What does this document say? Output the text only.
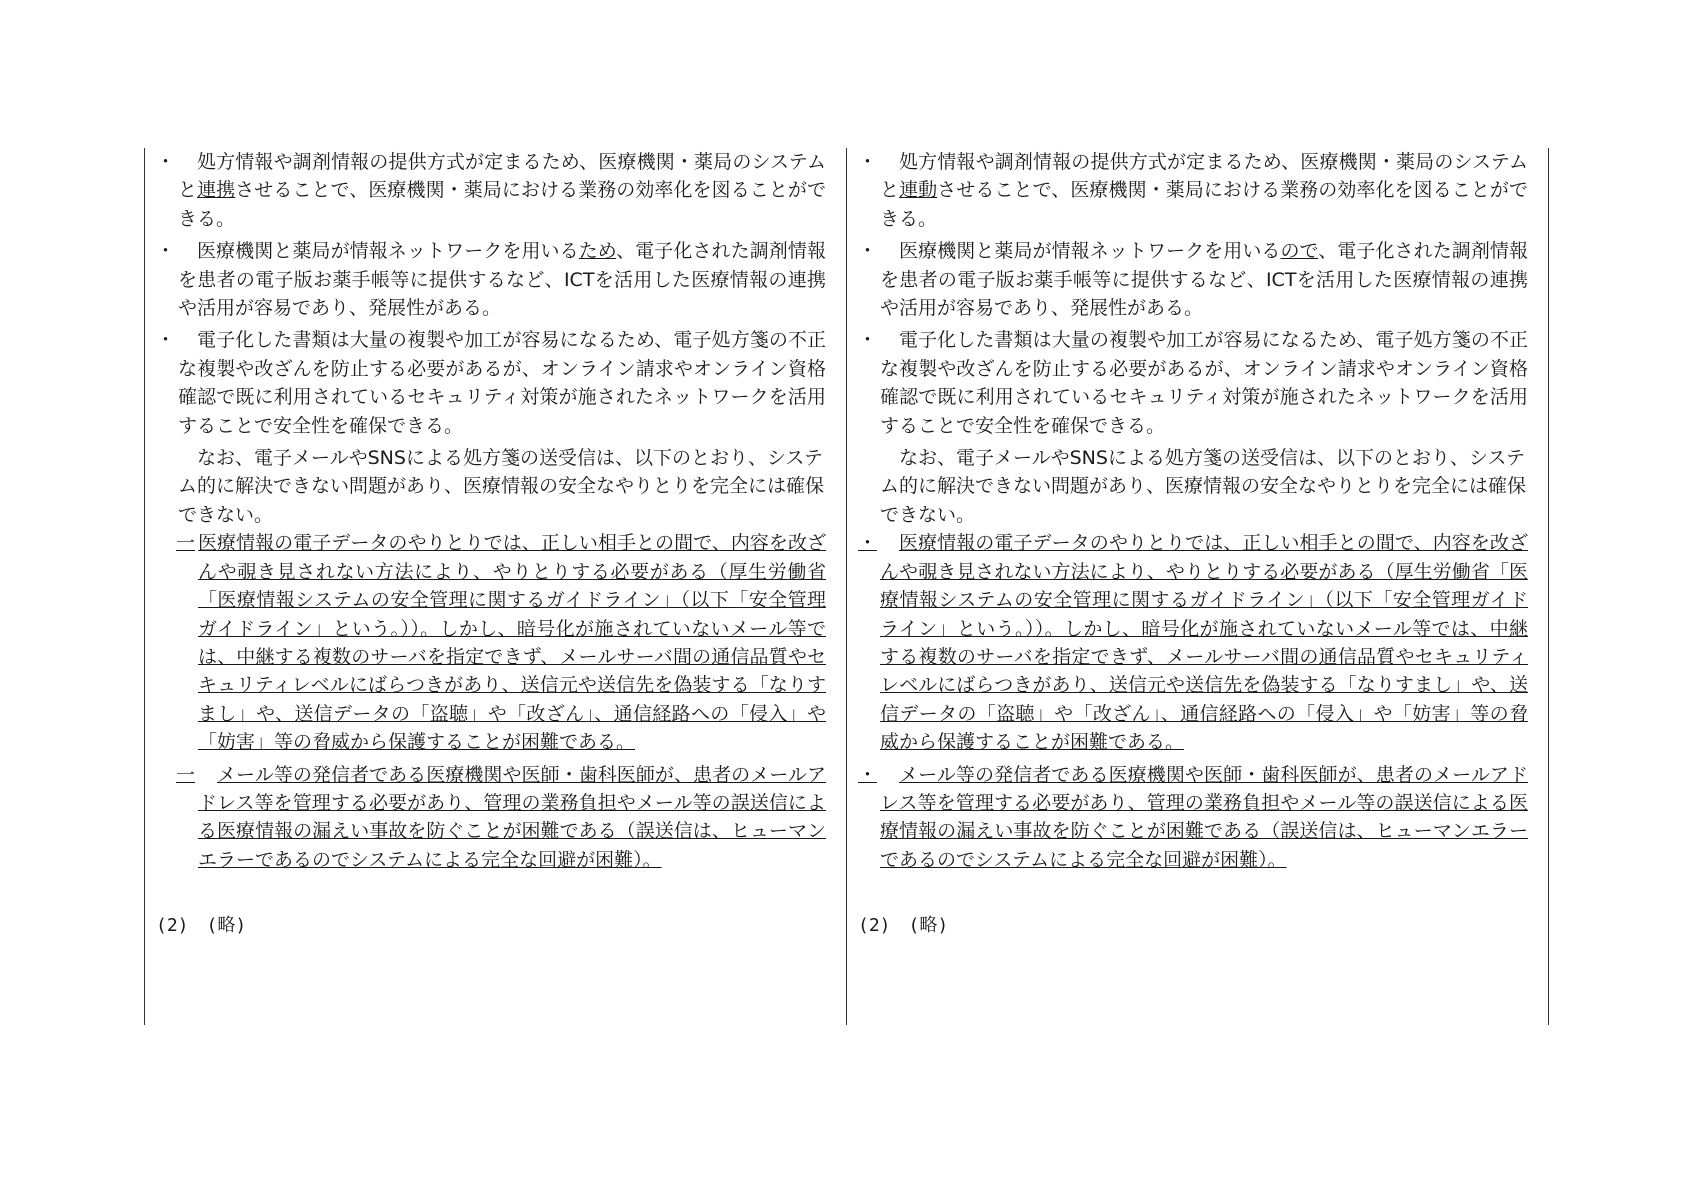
・	処方情報や調剤情報の提供方式が定まるため、医療機関・薬局のシステムと連携させることで、医療機関・薬局における業務の効率化を図ることができる。
・	医療機関と薬局が情報ネットワークを用いるため、電子化された調剤情報を患者の電子版お薬手帳等に提供するなど、ICTを活用した医療情報の連携や活用が容易であり、発展性がある。
・	電子化した書類は大量の複製や加工が容易になるため、電子処方箋の不正な複製や改ざんを防止する必要があるが、オンライン請求やオンライン資格確認で既に利用されているセキュリティ対策が施されたネットワークを活用することで安全性を確保できる。
なお、電子メールやSNSによる処方箋の送受信は、以下のとおり、システム的に解決できない問題があり、医療情報の安全なやりとりを完全には確保できない。
一 医療情報の電子データのやりとりでは、正しい相手との間で、内容を改ざんや覗き見されない方法により、やりとりする必要がある（厚生労働省「医療情報システムの安全管理に関するガイドライン」（以下「安全管理ガイドライン」という。））。しかし、暗号化が施されていないメール等では、中継する複数のサーバを指定できず、メールサーバ間の通信品質やセキュリティレベルにばらつきがあり、送信元や送信先を偽装する「なりすまし」や、送信データの「盗聴」や「改ざん」、通信経路への「侵入」や「妨害」等の脅威から保護することが困難である。
一	メール等の発信者である医療機関や医師・歯科医師が、患者のメールアドレス等を管理する必要があり、管理の業務負担やメール等の誤送信による医療情報の漏えい事故を防ぐことが困難である（誤送信は、ヒューマンエラーであるのでシステムによる完全な回避が困難）。
(2)　(略)
・	処方情報や調剤情報の提供方式が定まるため、医療機関・薬局のシステムと連動させることで、医療機関・薬局における業務の効率化を図ることができる。
・	医療機関と薬局が情報ネットワークを用いるので、電子化された調剤情報を患者の電子版お薬手帳等に提供するなど、ICTを活用した医療情報の連携や活用が容易であり、発展性がある。
・	電子化した書類は大量の複製や加工が容易になるため、電子処方箋の不正な複製や改ざんを防止する必要があるが、オンライン請求やオンライン資格確認で既に利用されているセキュリティ対策が施されたネットワークを活用することで安全性を確保できる。
なお、電子メールやSNSによる処方箋の送受信は、以下のとおり、システム的に解決できない問題があり、医療情報の安全なやりとりを完全には確保できない。
・	医療情報の電子データのやりとりでは、正しい相手との間で、内容を改ざんや覗き見されない方法により、やりとりする必要がある（厚生労働省「医療情報システムの安全管理に関するガイドライン」（以下「安全管理ガイドライン」という。））。しかし、暗号化が施されていないメール等では、中継する複数のサーバを指定できず、メールサーバ間の通信品質やセキュリティレベルにばらつきがあり、送信元や送信先を偽装する「なりすまし」や、送信データの「盗聴」や「改ざん」、通信経路への「侵入」や「妨害」等の脅威から保護することが困難である。
・	メール等の発信者である医療機関や医師・歯科医師が、患者のメールアドレス等を管理する必要があり、管理の業務負担やメール等の誤送信による医療情報の漏えい事故を防ぐことが困難である（誤送信は、ヒューマンエラーであるのでシステムによる完全な回避が困難）。
(2)　(略)
